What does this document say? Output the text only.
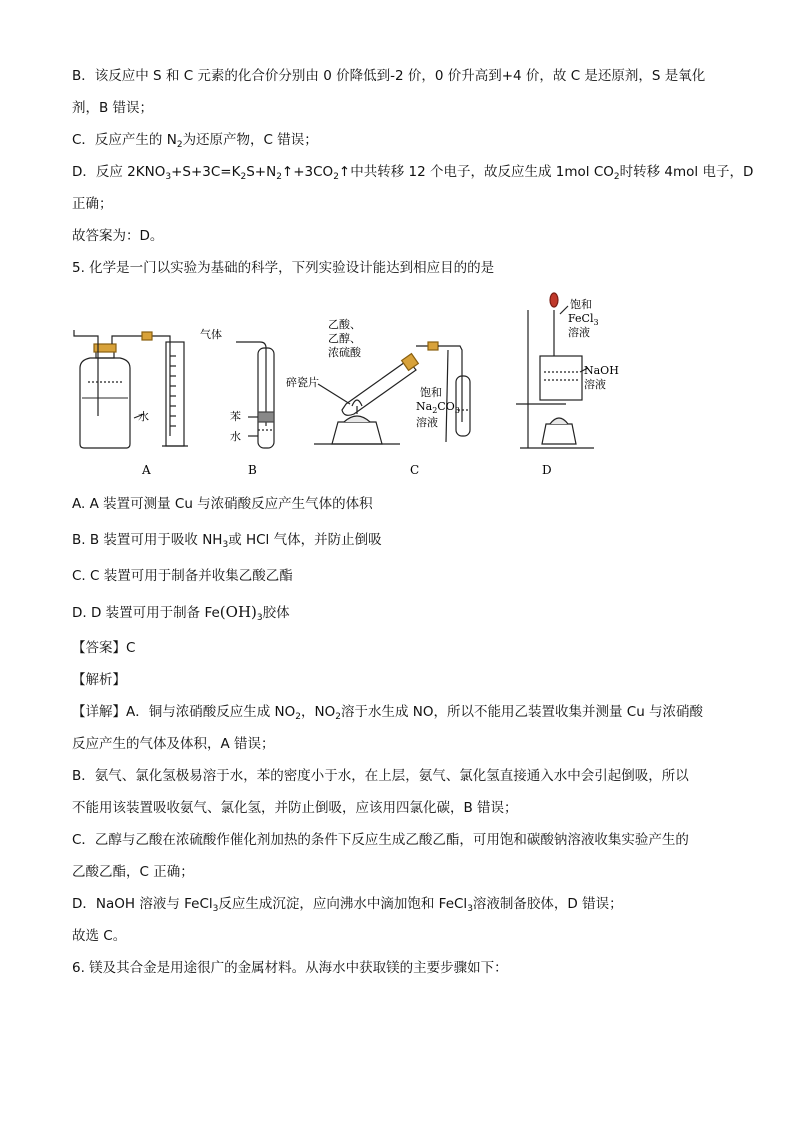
B．该反应中 S 和 C 元素的化合价分别由 0 价降低到-2 价，0 价升高到+4 价，故 C 是还原剂，S 是氧化
剂，B 错误；
C．反应产生的 $N_2$为还原产物，C 错误；
D．反应 $2KNO_3+S+3C=K_2S+N_2↑+3CO_2↑$中共转移 12 个电子，故反应生成 1mol $CO_2$时转移 4mol 电子，D
正确；
故答案为：D。
5. 化学是一门以实验为基础的科学，下列实验设计能达到相应目的的是
水
气体
苯
水
乙酸、
乙醇、
浓硫酸
碎瓷片
饱和
$Na_2CO_3$
溶液
饱和
FeCl$_3$
溶液
NaOH
溶液
A	B	C	D
A. A 装置可测量 Cu 与浓硝酸反应产生气体的体积
B. B 装置可用于吸收 $NH_3$或 HCl 气体，并防止倒吸
C. C 装置可用于制备并收集乙酸乙酯
D. D 装置可用于制备 $Fe(OH)_3$胶体
【答案】C
【解析】
【详解】A．铜与浓硝酸反应生成 $NO_2$，$NO_2$溶于水生成 NO，所以不能用乙装置收集并测量 Cu 与浓硝酸
反应产生的气体及体积，A 错误；
B．氨气、氯化氢极易溶于水，苯的密度小于水，在上层，氨气、氯化氢直接通入水中会引起倒吸，所以
不能用该装置吸收氨气、氯化氢，并防止倒吸，应该用四氯化碳，B 错误；
C．乙醇与乙酸在浓硫酸作催化剂加热的条件下反应生成乙酸乙酯，可用饱和碳酸钠溶液收集实验产生的
乙酸乙酯，C 正确；
D．NaOH 溶液与 FeCl$_3$反应生成沉淀，应向沸水中滴加饱和 FeCl$_3$溶液制备胶体，D 错误；
故选 C。
6. 镁及其合金是用途很广的金属材料。从海水中获取镁的主要步骤如下：
